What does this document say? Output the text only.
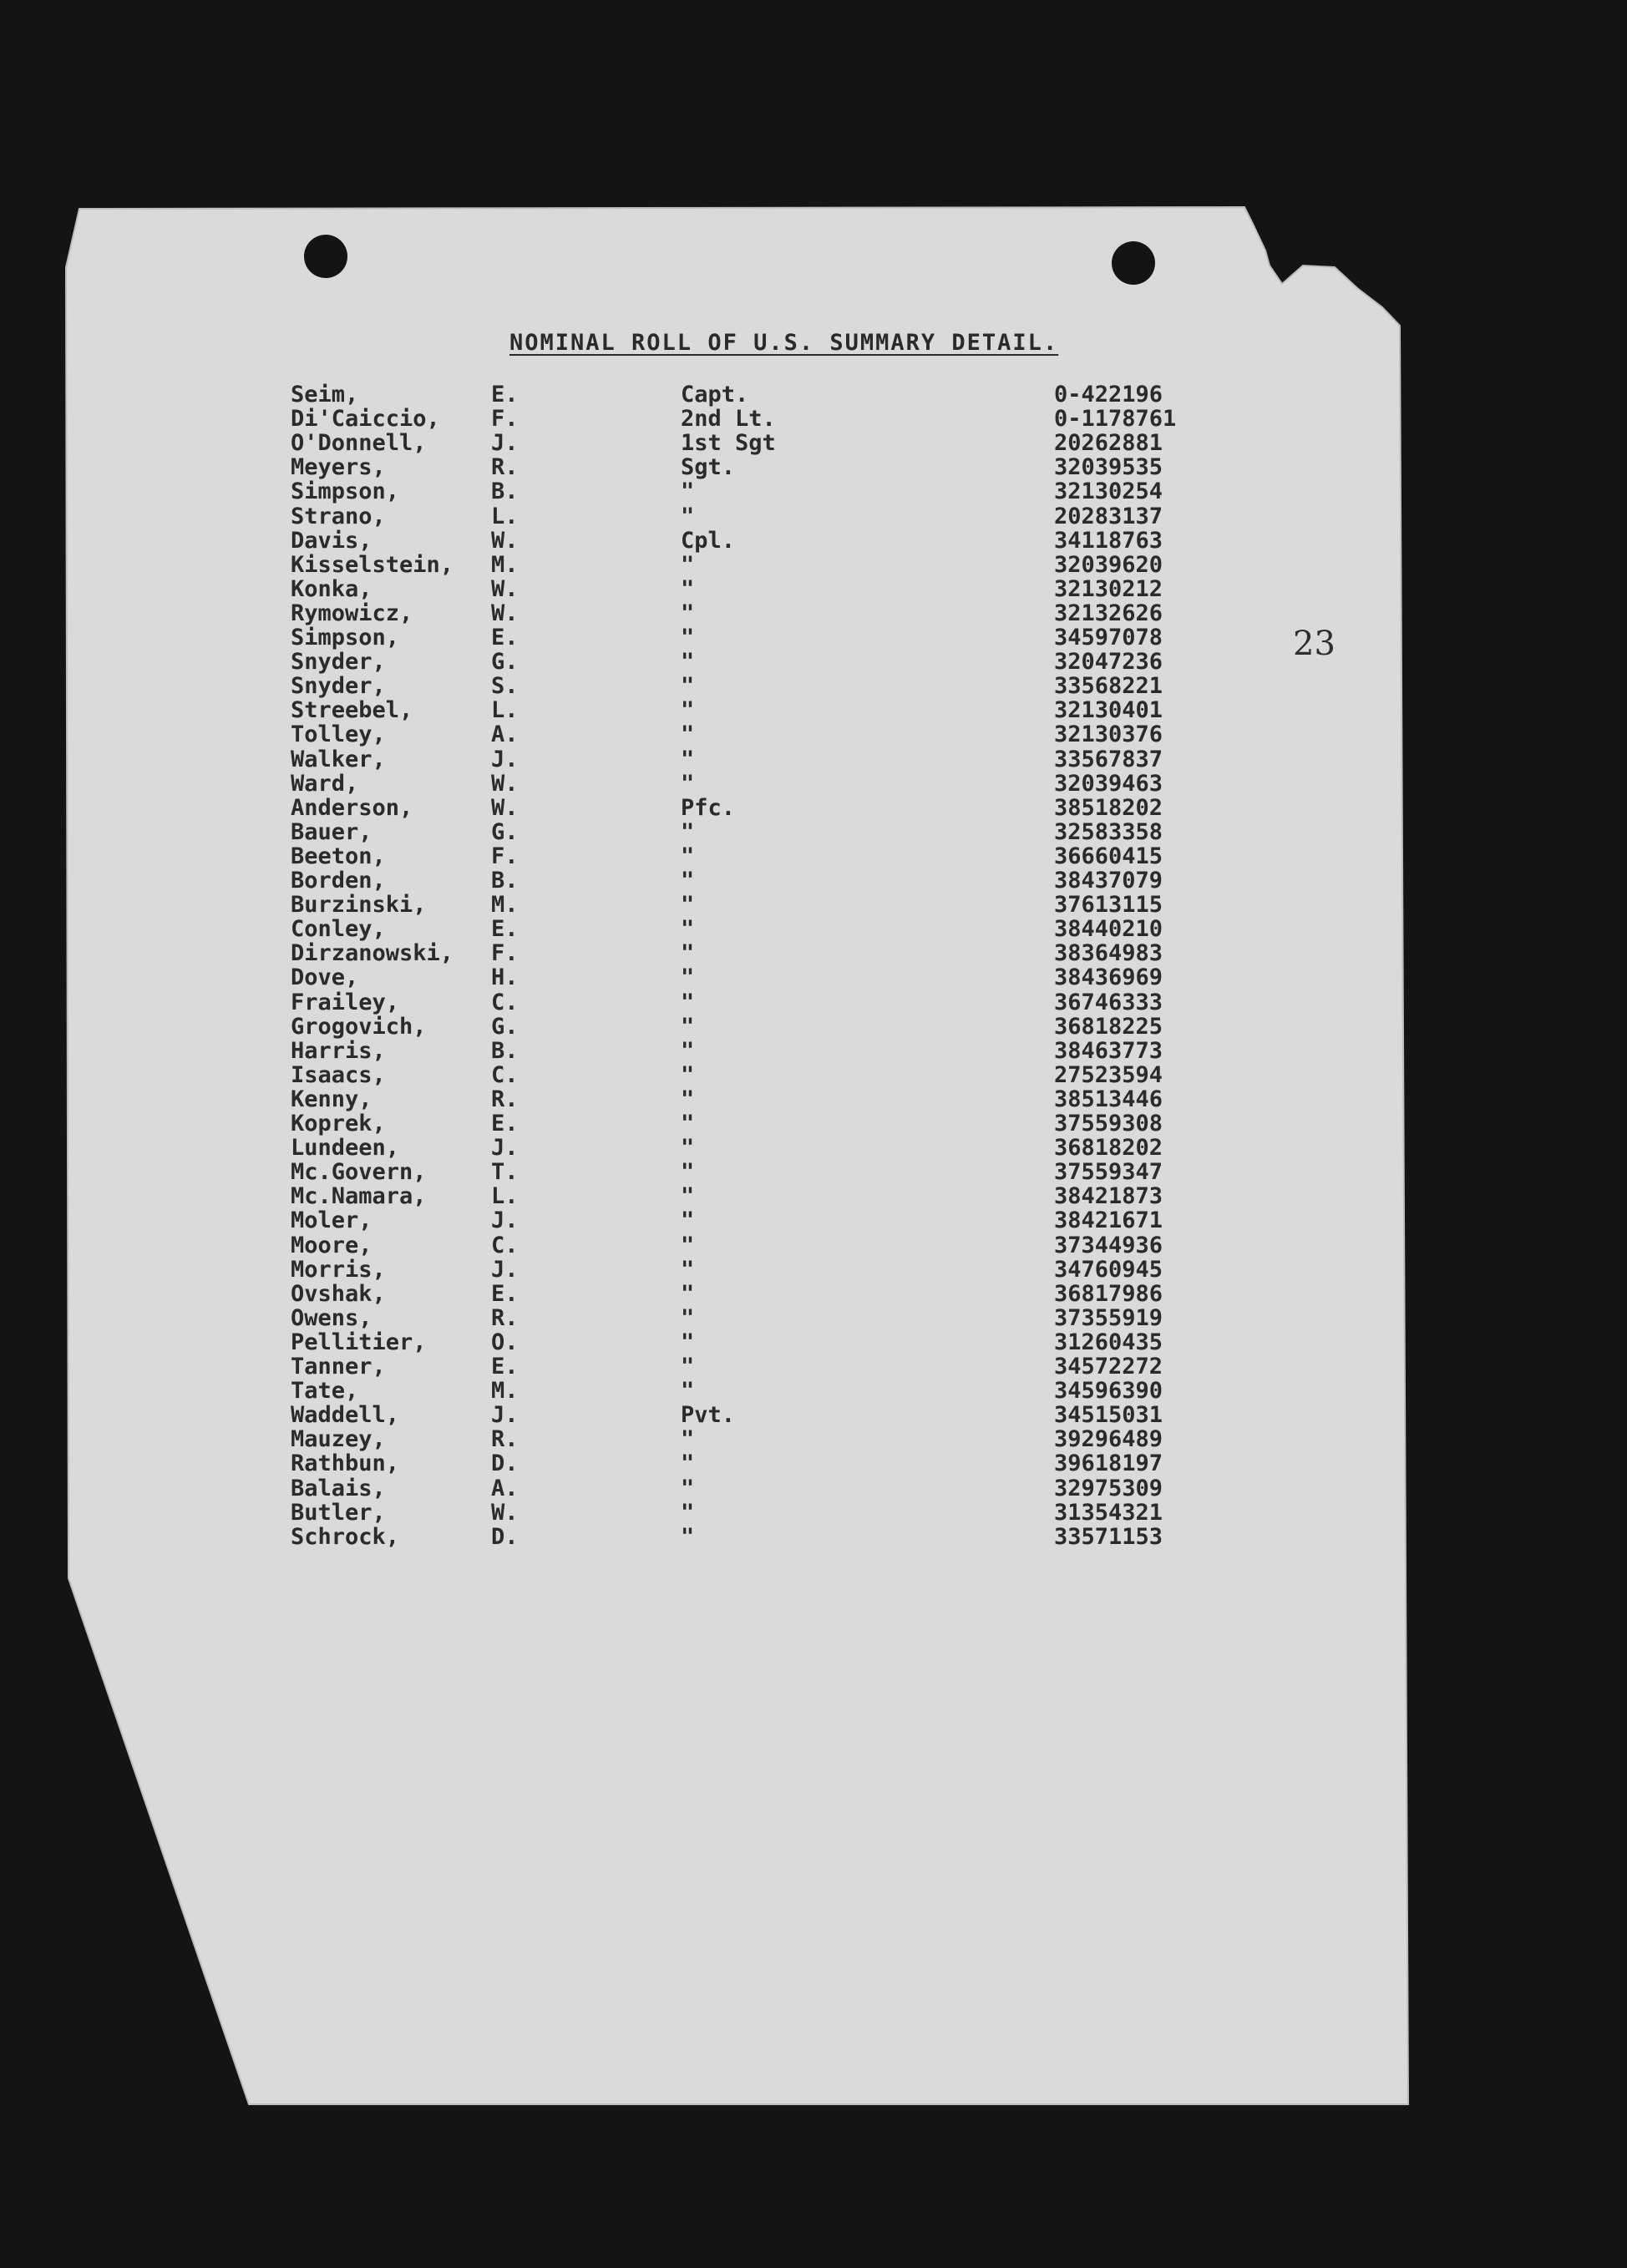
NOMINAL ROLL OF U.S. SUMMARY DETAIL.
23
Seim,	E.	Capt.	0-422196
Di'Caiccio, F.	2nd Lt.	0-1178761
O'Donnell,	J.	1st Sgt	20262881
Meyers,	R.	Sgt.	32039535
Simpson,	B.	"	32130254
Strano,	L.	"	20283137
Davis,	W.	Cpl.	34118763
Kisselstein, M.	"	32039620
Konka,	W.	"	32130212
Rymowicz,	W.	"	32132626
Simpson,	E.	"	34597078
Snyder,	G.	"	32047236
Snyder,	S.	"	33568221
Streebel,	L.	"	32130401
Tolley,	A.	"	32130376
Walker,	J.	"	33567837
Ward,	W.	"	32039463
Anderson,	W.	Pfc.	38518202
Bauer,	G.	"	32583358
Beeton,	F.	"	36660415
Borden,	B.	"	38437079
Burzinski,	M.	"	37613115
Conley,	E.	"	38440210
Dirzanowski, F.	"	38364983
Dove,	H.	"	38436969
Frailey,	C.	"	36746333
Grogovich,	G.	"	36818225
Harris,	B.	"	38463773
Isaacs,	C.	"	27523594
Kenny,	R.	"	38513446
Koprek,	E.	"	37559308
Lundeen,	J.	"	36818202
Mc.Govern,	T.	"	37559347
Mc.Namara,	L.	"	38421873
Moler,	J.	"	38421671
Moore,	C.	"	37344936
Morris,	J.	"	34760945
Ovshak,	E.	"	36817986
Owens,	R.	"	37355919
Pellitier,	O.	"	31260435
Tanner,	E.	"	34572272
Tate,	M.	"	34596390
Waddell,	J.	Pvt.	34515031
Mauzey,	R.	"	39296489
Rathbun,	D.	"	39618197
Balais,	A.	"	32975309
Butler,	W.	"	31354321
Schrock,	D.	"	33571153
